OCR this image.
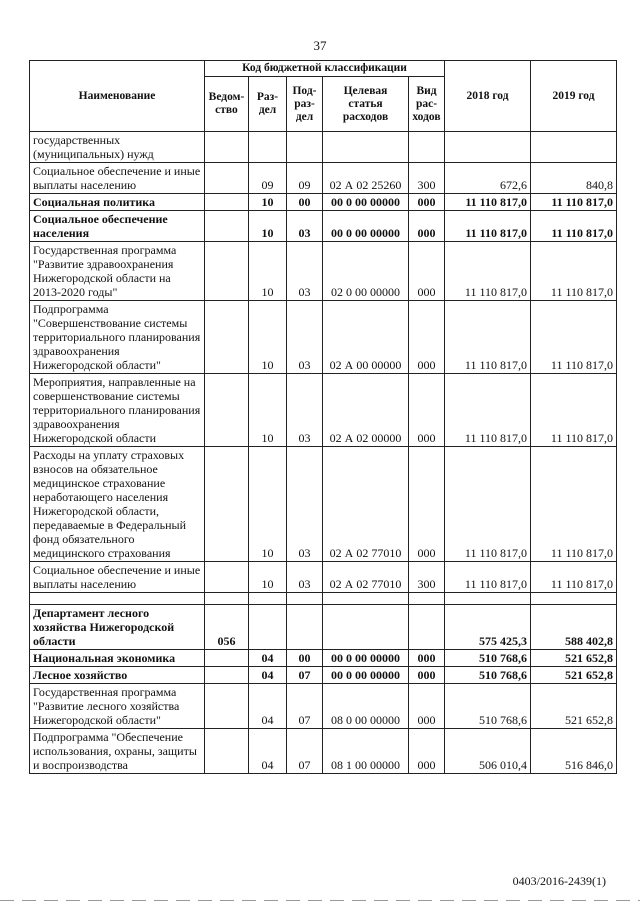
37
Наименование	Код бюджетной классификации					2018 год	2019 год
	Ведом-ство	Раз-дел	Под-раз-дел	Целевая статья расходов	Вид рас-ходов		
государственных (муниципальных) нужд							
Социальное обеспечение и иные выплаты населению		09	09	02 А 02 25260	300	672,6	840,8
Социальная политика		10	00	00 0 00 00000	000	11 110 817,0	11 110 817,0
Социальное обеспечение населения		10	03	00 0 00 00000	000	11 110 817,0	11 110 817,0
Государственная программа "Развитие здравоохранения Нижегородской области на 2013-2020 годы"		10	03	02 0 00 00000	000	11 110 817,0	11 110 817,0
Подпрограмма "Совершенствование системы территориального планирования здравоохранения Нижегородской области"		10	03	02 А 00 00000	000	11 110 817,0	11 110 817,0
Мероприятия, направленные на совершенствование системы территориального планирования здравоохранения Нижегородской области		10	03	02 А 02 00000	000	11 110 817,0	11 110 817,0
Расходы на уплату страховых взносов на обязательное медицинское страхование неработающего населения Нижегородской области, передаваемые в Федеральный фонд обязательного медицинского страхования		10	03	02 А 02 77010	000	11 110 817,0	11 110 817,0
Социальное обеспечение и иные выплаты населению		10	03	02 А 02 77010	300	11 110 817,0	11 110 817,0

Департамент лесного хозяйства Нижегородской области	056					575 425,3	588 402,8
Национальная экономика		04	00	00 0 00 00000	000	510 768,6	521 652,8
Лесное хозяйство		04	07	00 0 00 00000	000	510 768,6	521 652,8
Государственная программа "Развитие лесного хозяйства Нижегородской области"		04	07	08 0 00 00000	000	510 768,6	521 652,8
Подпрограмма "Обеспечение использования, охраны, защиты и воспроизводства		04	07	08 1 00 00000	000	506 010,4	516 846,0
0403/2016-2439(1)
